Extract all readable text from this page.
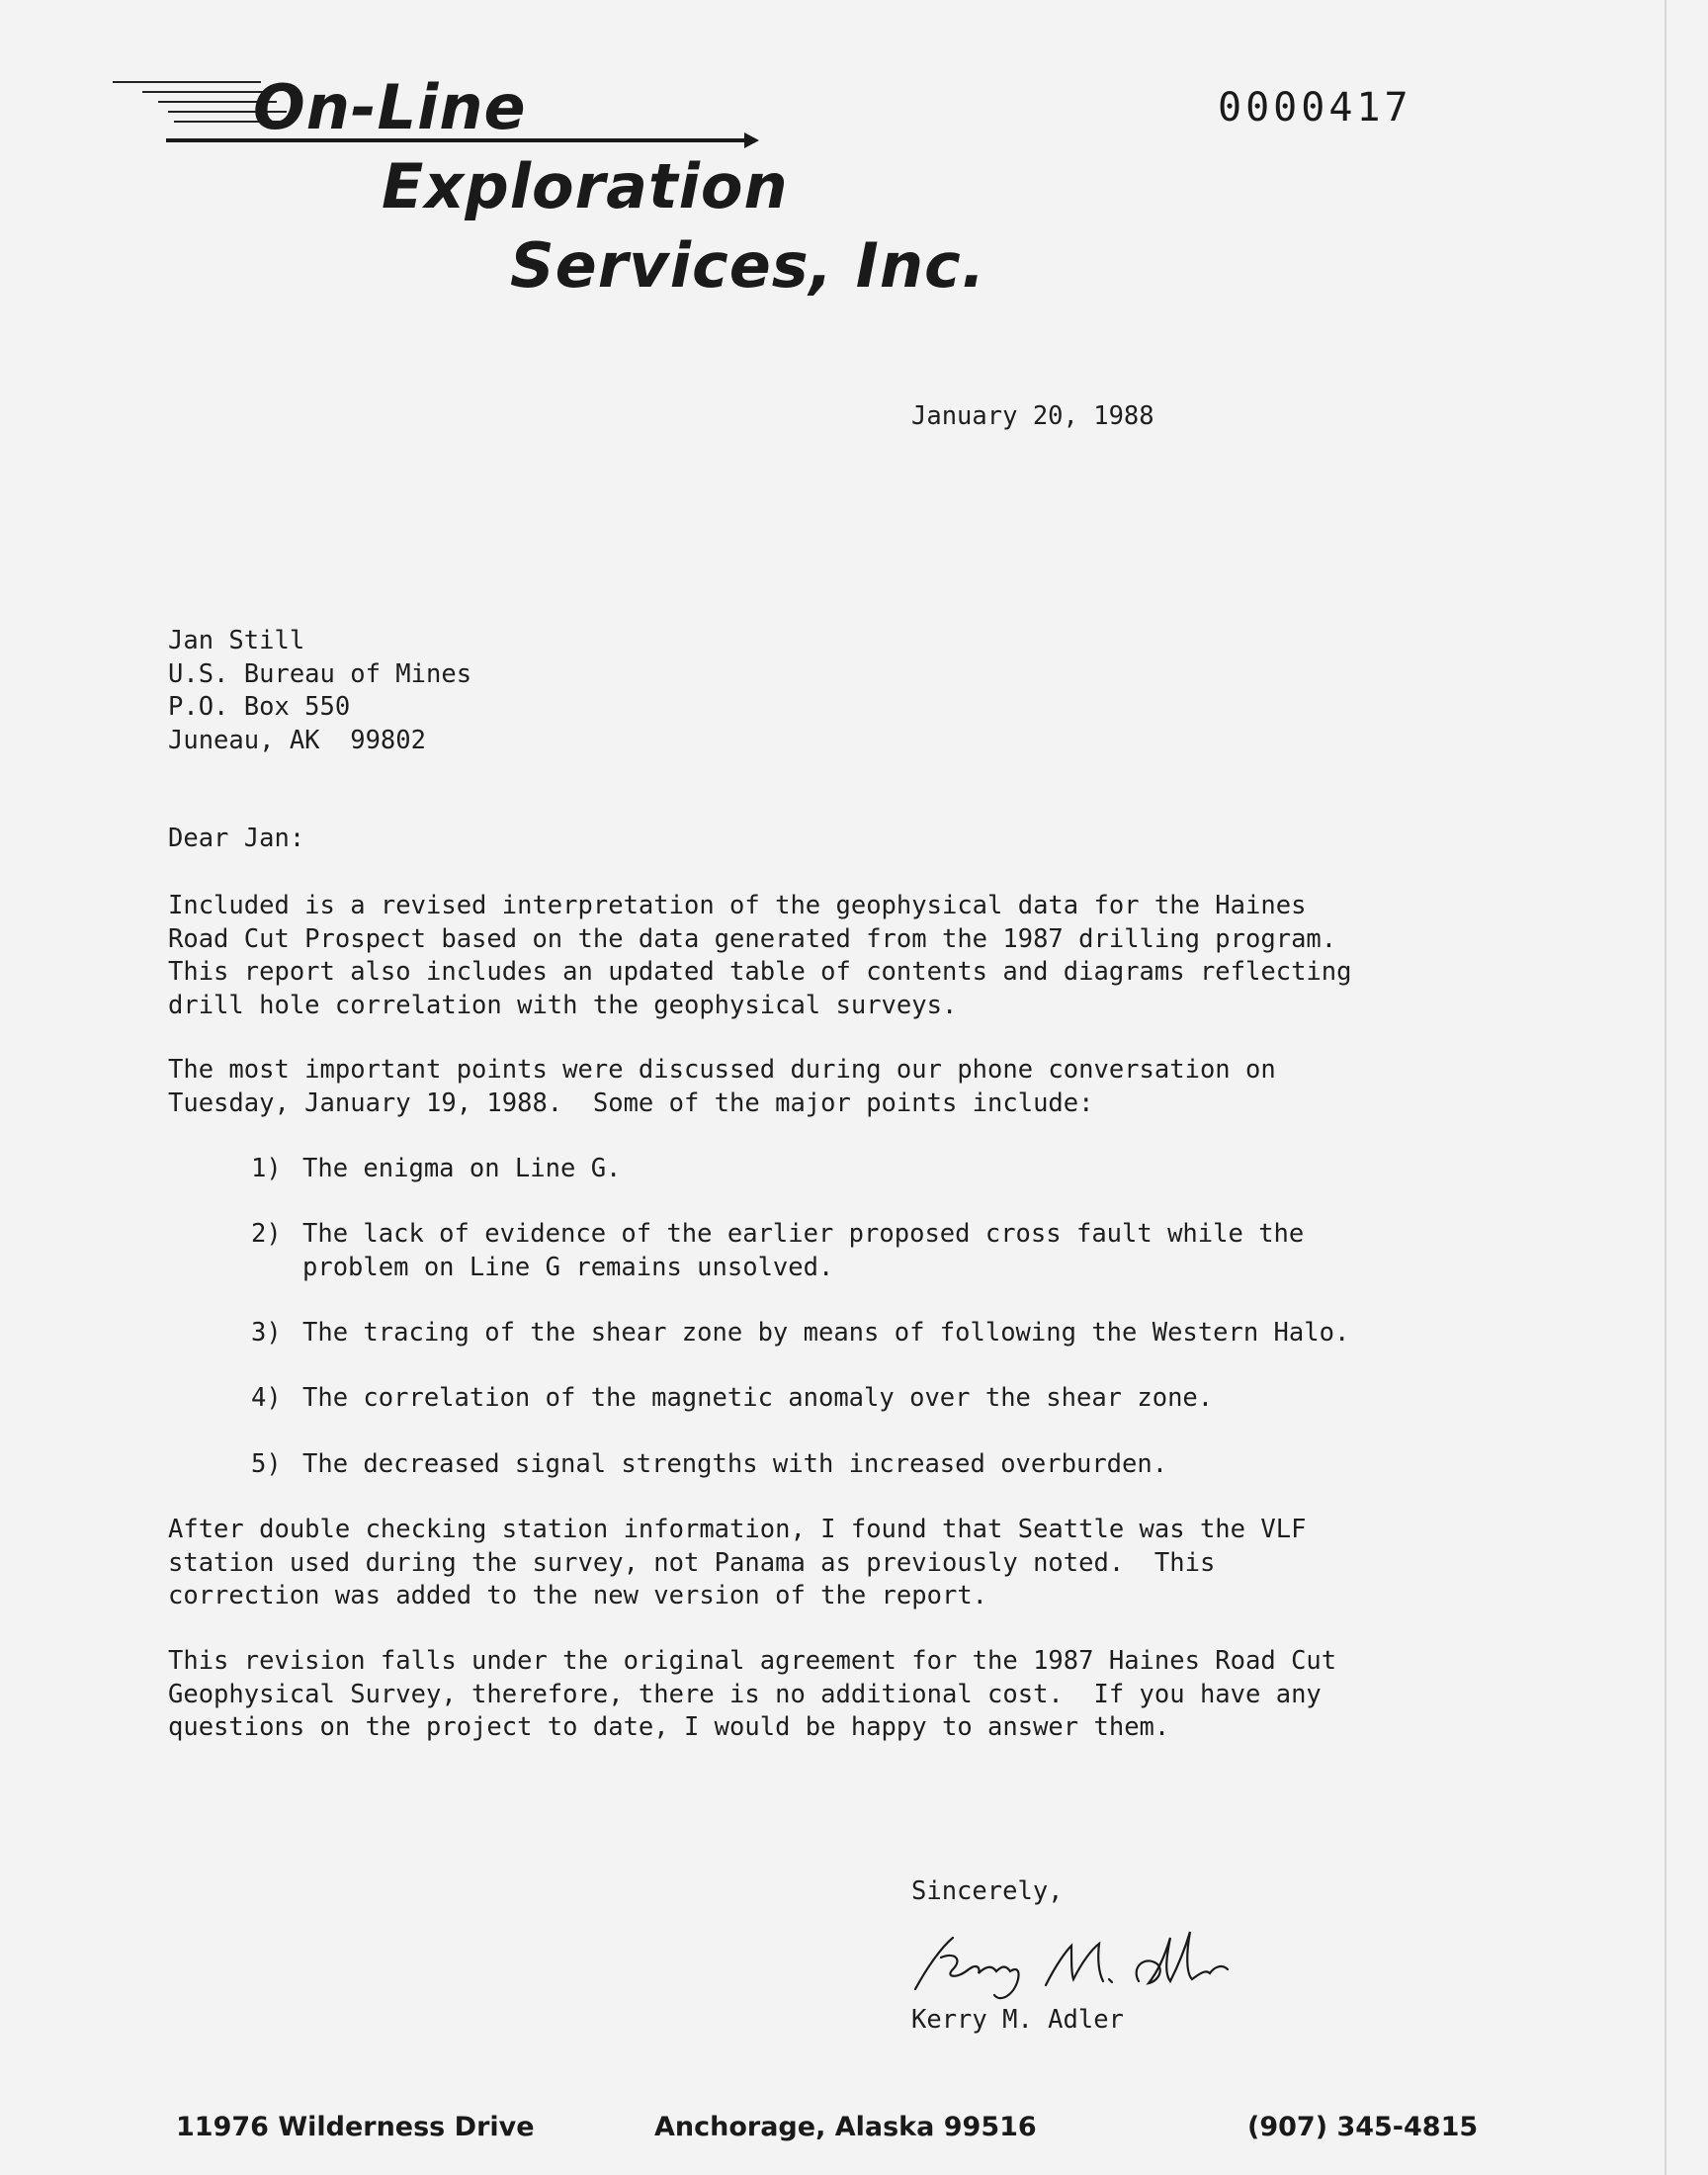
On-Line
Exploration
Services, Inc.
0000417
January 20, 1988
Jan Still
U.S. Bureau of Mines
P.O. Box 550
Juneau, AK  99802
Dear Jan:
Included is a revised interpretation of the geophysical data for the Haines
Road Cut Prospect based on the data generated from the 1987 drilling program.
This report also includes an updated table of contents and diagrams reflecting
drill hole correlation with the geophysical surveys.
The most important points were discussed during our phone conversation on
Tuesday, January 19, 1988.  Some of the major points include:
1) The enigma on Line G.
2) The lack of evidence of the earlier proposed cross fault while the
problem on Line G remains unsolved.
3) The tracing of the shear zone by means of following the Western Halo.
4) The correlation of the magnetic anomaly over the shear zone.
5) The decreased signal strengths with increased overburden.
After double checking station information, I found that Seattle was the VLF
station used during the survey, not Panama as previously noted.  This
correction was added to the new version of the report.
This revision falls under the original agreement for the 1987 Haines Road Cut
Geophysical Survey, therefore, there is no additional cost.  If you have any
questions on the project to date, I would be happy to answer them.
Sincerely,
Kerry M. Adler
11976 Wilderness Drive	Anchorage, Alaska 99516	(907) 345-4815
